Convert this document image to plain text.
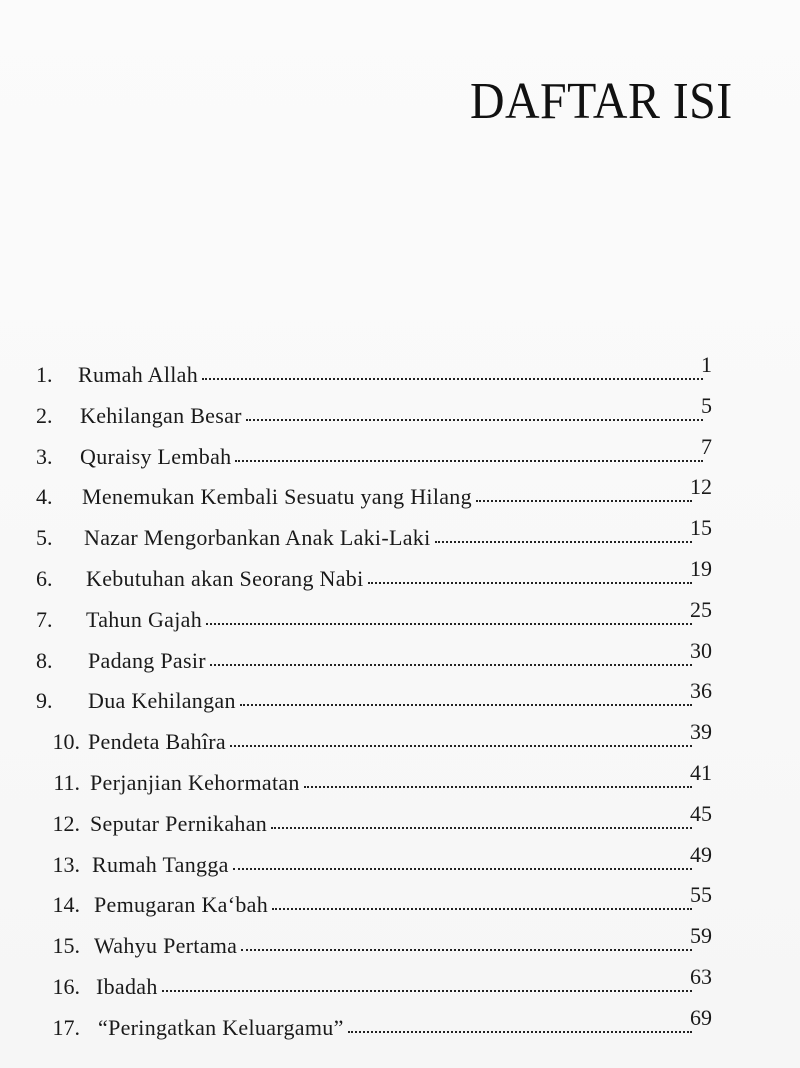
DAFTAR ISI
1.	Rumah Allah	1
2.	Kehilangan Besar	5
3.	Quraisy Lembah	7
4.	Menemukan Kembali Sesuatu yang Hilang	12
5.	Nazar Mengorbankan Anak Laki-Laki	15
6.	Kebutuhan akan Seorang Nabi	19
7.	Tahun Gajah	25
8.	Padang Pasir	30
9.	Dua Kehilangan	36
10. Pendeta Bahîra	39
11. Perjanjian Kehormatan	41
12. Seputar Pernikahan	45
13. Rumah Tangga	49
14. Pemugaran Ka‘bah	55
15. Wahyu Pertama	59
16. Ibadah	63
17. “Peringatkan Keluargamu”	69
